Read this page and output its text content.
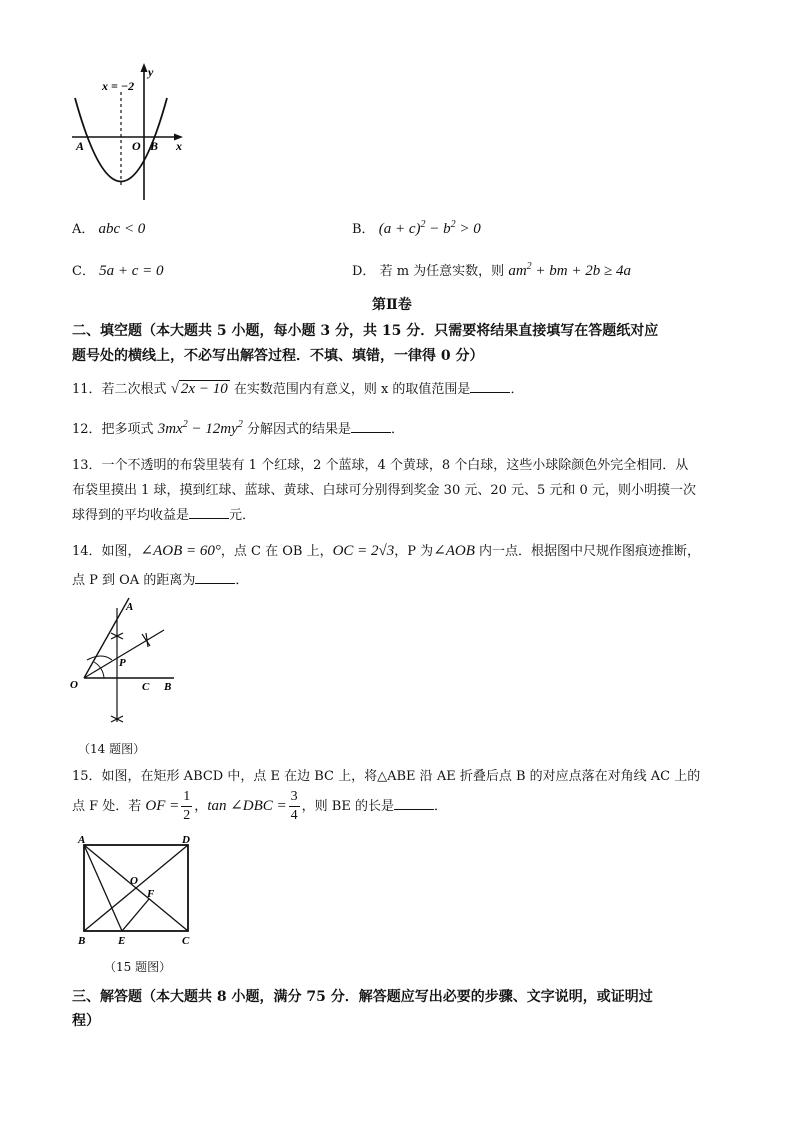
x = −2
y
x
A	O B
A． abc < 0	B． $(a + c)^2 - b^2 > 0$
C． 5a + c = 0	D． 若 m 为任意实数，则 $am^2$ + bm + 2b ≥ 4a
第Ⅱ卷
二、填空题（本大题共 5 小题，每小题 3 分，共 15 分．只需要将结果直接填写在答题纸对应
题号处的横线上，不必写出解答过程．不填、填错，一律得 0 分）
11．若二次根式 √ 2x − 10 在实数范围内有意义，则 x 的取值范围是	．
12．把多项式 $3mx^2 - 12my^2$ 分解因式的结果是	．
13．一个不透明的布袋里装有 1 个红球，2 个蓝球，4 个黄球，8 个白球，这些小球除颜色外完全相同．从
布袋里摸出 1 球，摸到红球、蓝球、黄球、白球可分别得到奖金 30 元、20 元、5 元和 0 元，则小明摸一次
球得到的平均收益是	元．
14．如图，∠AOB = 60°，点 C 在 OB 上，OC = 2√3，P 为∠AOB 内一点．根据图中尺规作图痕迹推断，
点 P 到 OA 的距离为	．
A
O	C B
P
（14 题图）
15．如图，在矩形 ABCD 中，点 E 在边 BC 上，将△ABE 沿 AE 折叠后点 B 的对应点落在对角线 AC 上的
点 F 处．若 OF = $\frac{1}{2}$ ，tan ∠DBC = $\frac{3}{4}$ ，则 BE 的长是	．
A	D
B	E	C
O
F
（15 题图）
三、解答题（本大题共 8 小题，满分 75 分．解答题应写出必要的步骤、文字说明，或证明过
程）
